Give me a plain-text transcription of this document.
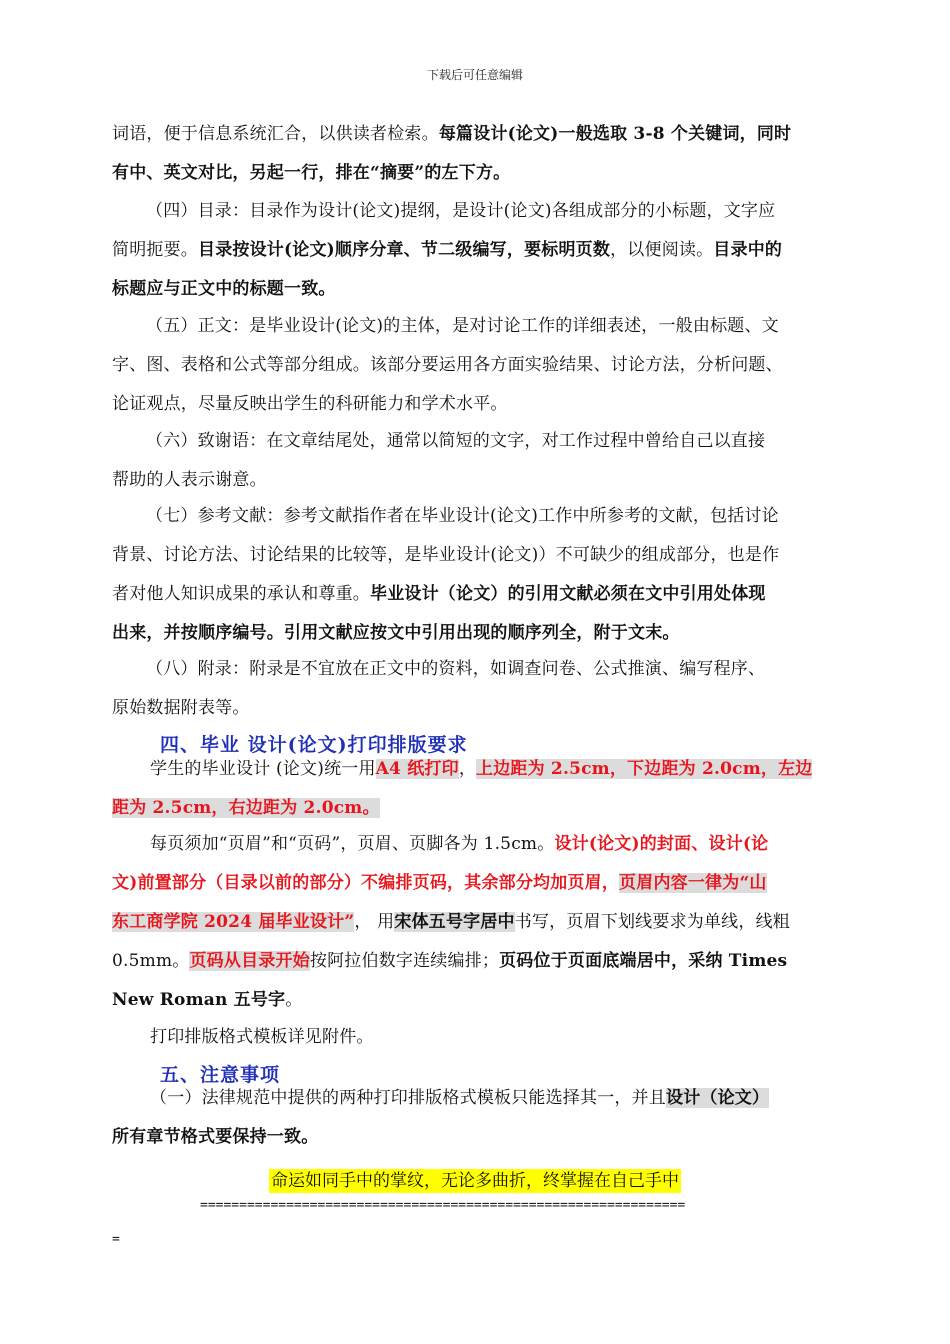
下载后可任意编辑
词语，便于信息系统汇合，以供读者检索。每篇设计(论文)一般选取 3-8 个关键词，同时
有中、英文对比，另起一行，排在“摘要”的左下方。
（四）目录：目录作为设计(论文)提纲，是设计(论文)各组成部分的小标题，文字应
简明扼要。目录按设计(论文)顺序分章、节二级编写，要标明页数，以便阅读。目录中的
标题应与正文中的标题一致。
（五）正文：是毕业设计(论文)的主体，是对讨论工作的详细表述，一般由标题、文
字、图、表格和公式等部分组成。该部分要运用各方面实验结果、讨论方法，分析问题、
论证观点，尽量反映出学生的科研能力和学术水平。
（六）致谢语：在文章结尾处，通常以简短的文字，对工作过程中曾给自己以直接
帮助的人表示谢意。
（七）参考文献：参考文献指作者在毕业设计(论文)工作中所参考的文献，包括讨论
背景、讨论方法、讨论结果的比较等，是毕业设计(论文)）不可缺少的组成部分，也是作
者对他人知识成果的承认和尊重。毕业设计（论文）的引用文献必须在文中引用处体现
出来，并按顺序编号。引用文献应按文中引用出现的顺序列全，附于文末。
（八）附录：附录是不宜放在正文中的资料，如调查问卷、公式推演、编写程序、
原始数据附表等。
四、毕业 设计(论文)打印排版要求
学生的毕业设计 (论文)统一用A4 纸打印，上边距为 2.5cm，下边距为 2.0cm，左边
距为 2.5cm，右边距为 2.0cm。
每页须加“页眉”和“页码”，页眉、页脚各为 1.5cm。设计(论文)的封面、设计(论
文)前置部分（目录以前的部分）不编排页码，其余部分均加页眉，页眉内容一律为“山
东工商学院 2024 届毕业设计”， 用宋体五号字居中书写，页眉下划线要求为单线，线粗
0.5mm。页码从目录开始按阿拉伯数字连续编排；页码位于页面底端居中，采纳 Times
New Roman 五号字。
打印排版格式模板详见附件。
五、注意事项
（一）法律规范中提供的两种打印排版格式模板只能选择其一，并且设计（论文）
所有章节格式要保持一致。
命运如同手中的掌纹，无论多曲折，终掌握在自己手中
==============================================================
=
